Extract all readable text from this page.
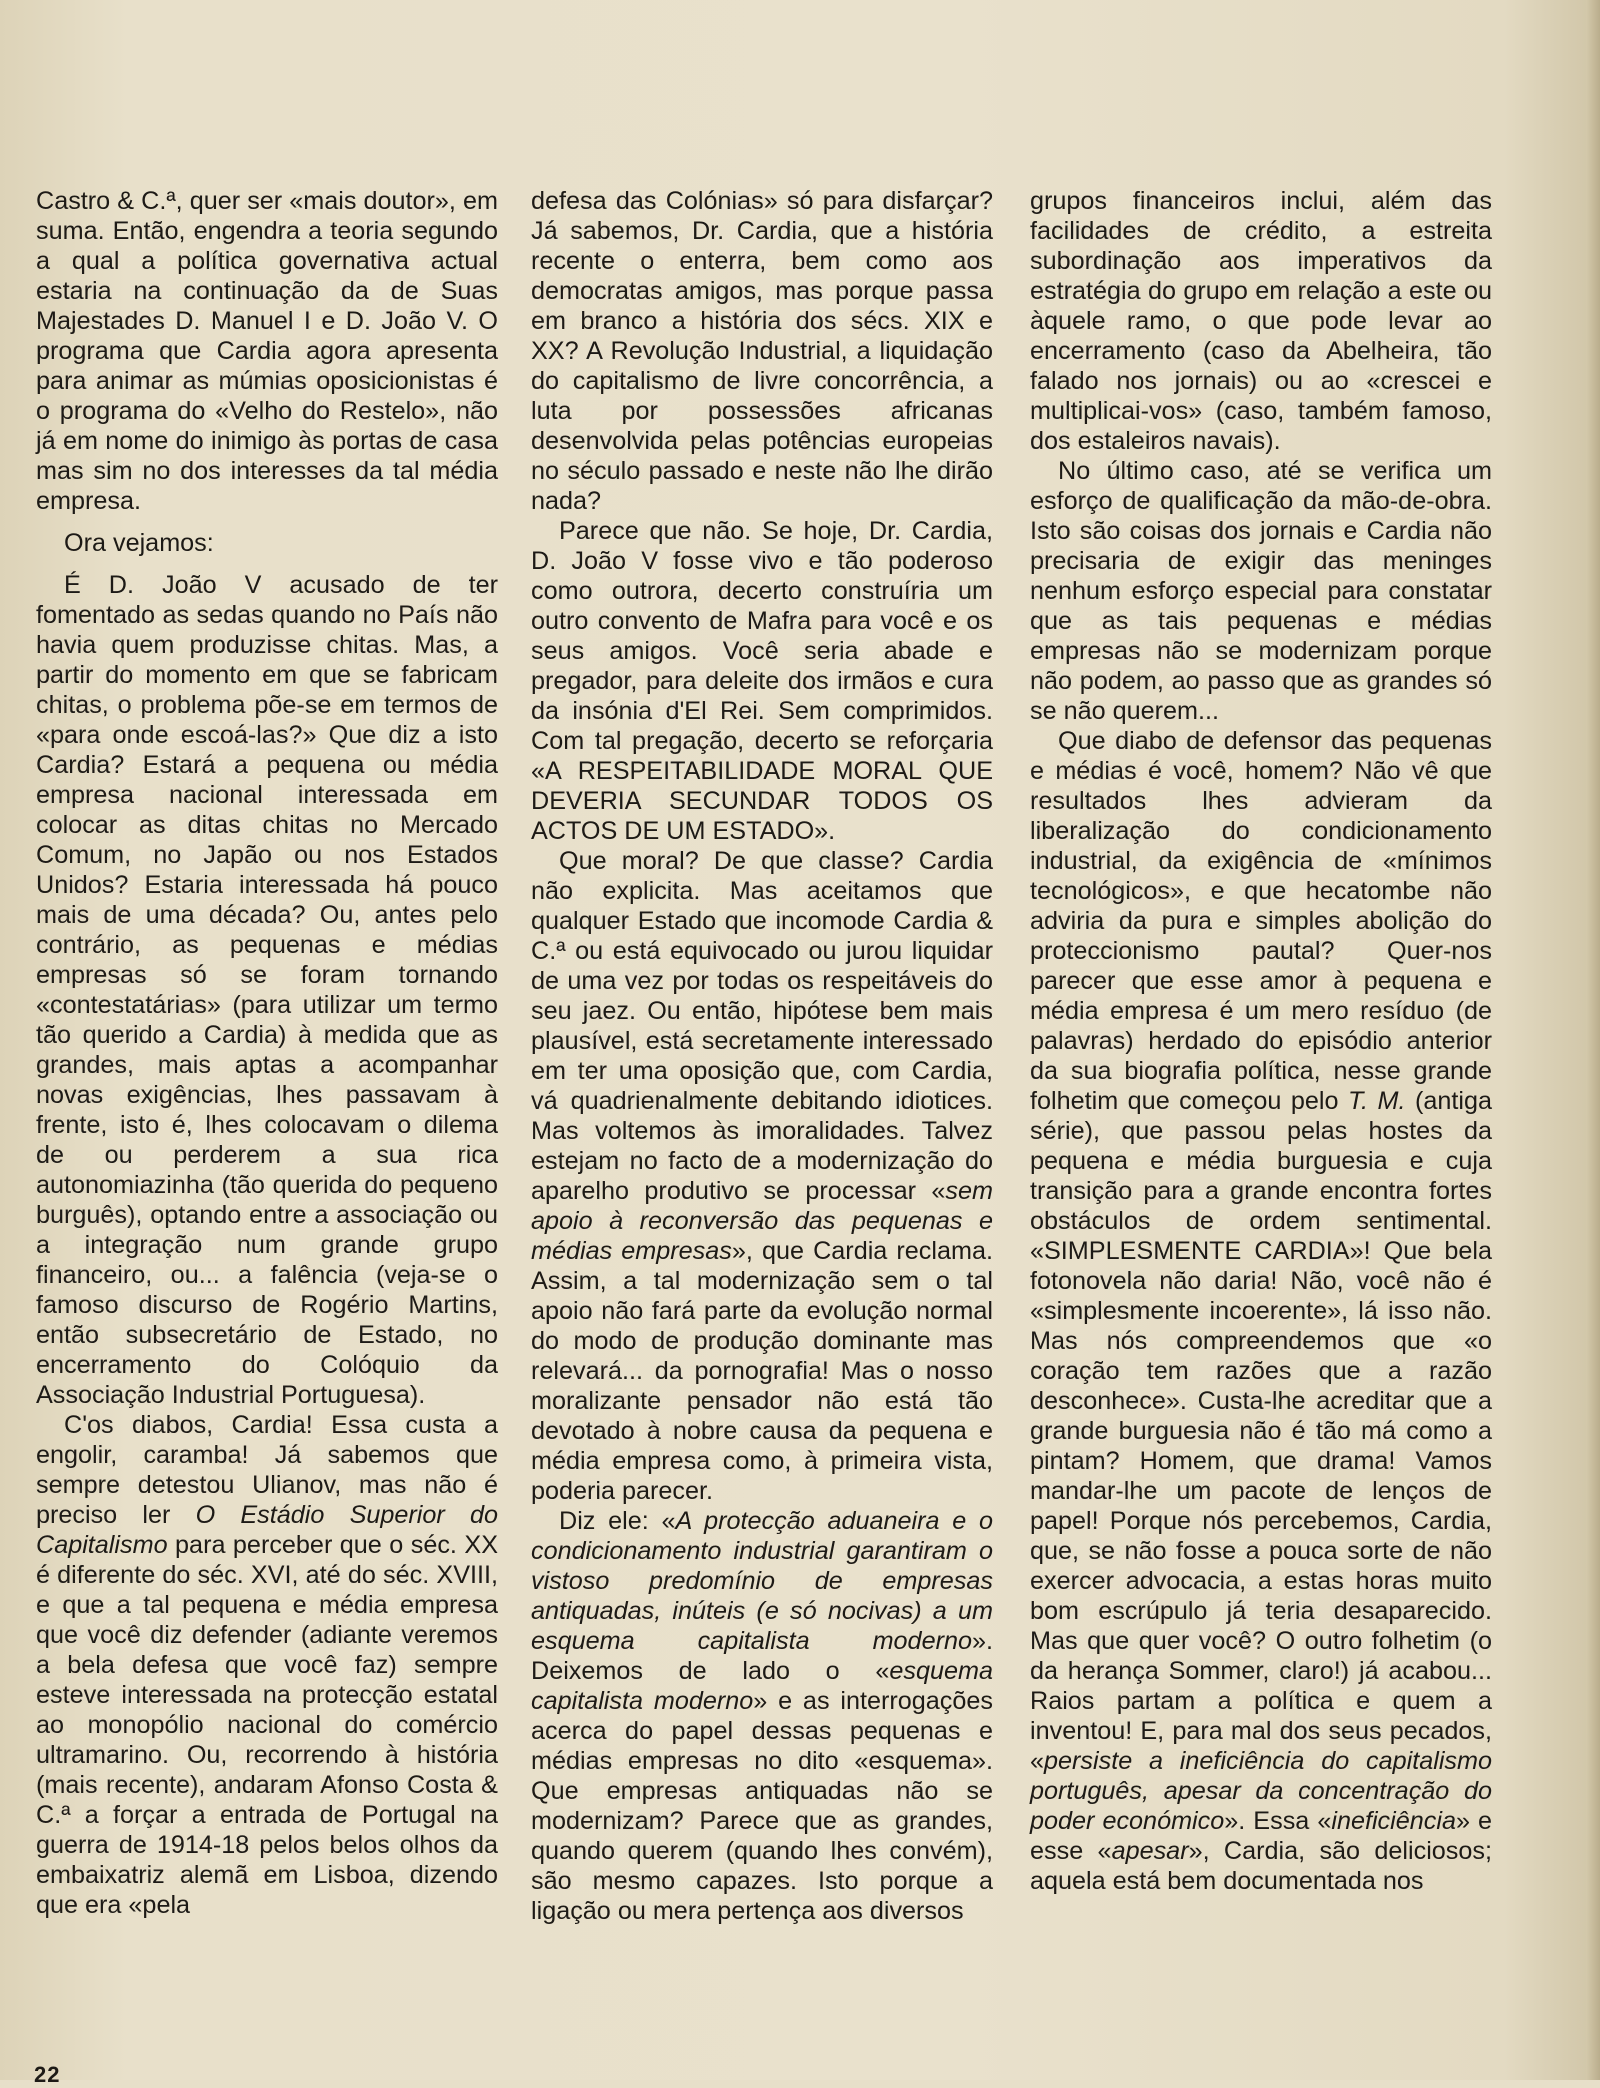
Castro & C.ª, quer ser «mais doutor», em suma. Então, engendra a teoria segundo a qual a política governativa actual estaria na continuação da de Suas Majestades D. Manuel I e D. João V. O programa que Cardia agora apresenta para animar as múmias oposicionistas é o programa do «Velho do Restelo», não já em nome do inimigo às portas de casa mas sim no dos interesses da tal média empresa.

Ora vejamos:

É D. João V acusado de ter fomentado as sedas quando no País não havia quem produzisse chitas. Mas, a partir do momento em que se fabricam chitas, o problema põe-se em termos de «para onde escoá-las?» Que diz a isto Cardia? Estará a pequena ou média empresa nacional interessada em colocar as ditas chitas no Mercado Comum, no Japão ou nos Estados Unidos? Estaria interessada há pouco mais de uma década? Ou, antes pelo contrário, as pequenas e médias empresas só se foram tornando «contestatárias» (para utilizar um termo tão querido a Cardia) à medida que as grandes, mais aptas a acompanhar novas exigências, lhes passavam à frente, isto é, lhes colocavam o dilema de ou perderem a sua rica autonomiazinha (tão querida do pequeno burguês), optando entre a associação ou a integração num grande grupo financeiro, ou... a falência (veja-se o famoso discurso de Rogério Martins, então subsecretário de Estado, no encerramento do Colóquio da Associação Industrial Portuguesa).

C'os diabos, Cardia! Essa custa a engolir, caramba! Já sabemos que sempre detestou Ulianov, mas não é preciso ler O Estádio Superior do Capitalismo para perceber que o séc. XX é diferente do séc. XVI, até do séc. XVIII, e que a tal pequena e média empresa que você diz defender (adiante veremos a bela defesa que você faz) sempre esteve interessada na protecção estatal ao monopólio nacional do comércio ultramarino. Ou, recorrendo à história (mais recente), andaram Afonso Costa & C.ª a forçar a entrada de Portugal na guerra de 1914-18 pelos belos olhos da embaixatriz alemã em Lisboa, dizendo que era «pela

defesa das Colónias» só para disfarçar? Já sabemos, Dr. Cardia, que a história recente o enterra, bem como aos democratas amigos, mas porque passa em branco a história dos sécs. XIX e XX? A Revolução Industrial, a liquidação do capitalismo de livre concorrência, a luta por possessões africanas desenvolvida pelas potências europeias no século passado e neste não lhe dirão nada?

Parece que não. Se hoje, Dr. Cardia, D. João V fosse vivo e tão poderoso como outrora, decerto construíria um outro convento de Mafra para você e os seus amigos. Você seria abade e pregador, para deleite dos irmãos e cura da insónia d'El Rei. Sem comprimidos. Com tal pregação, decerto se reforçaria «A RESPEITABILIDADE MORAL QUE DEVERIA SECUNDAR TODOS OS ACTOS DE UM ESTADO».

Que moral? De que classe? Cardia não explicita. Mas aceitamos que qualquer Estado que incomode Cardia & C.ª ou está equivocado ou jurou liquidar de uma vez por todas os respeitáveis do seu jaez. Ou então, hipótese bem mais plausível, está secretamente interessado em ter uma oposição que, com Cardia, vá quadrienalmente debitando idiotices. Mas voltemos às imoralidades. Talvez estejam no facto de a modernização do aparelho produtivo se processar «sem apoio à reconversão das pequenas e médias empresas», que Cardia reclama. Assim, a tal modernização sem o tal apoio não fará parte da evolução normal do modo de produção dominante mas relevará... da pornografia! Mas o nosso moralizante pensador não está tão devotado à nobre causa da pequena e média empresa como, à primeira vista, poderia parecer.

Diz ele: «A protecção aduaneira e o condicionamento industrial garantiram o vistoso predomínio de empresas antiquadas, inúteis (e só nocivas) a um esquema capitalista moderno». Deixemos de lado o «esquema capitalista moderno» e as interrogações acerca do papel dessas pequenas e médias empresas no dito «esquema». Que empresas antiquadas não se modernizam? Parece que as grandes, quando querem (quando lhes convém), são mesmo capazes. Isto porque a ligação ou mera pertença aos diversos

grupos financeiros inclui, além das facilidades de crédito, a estreita subordinação aos imperativos da estratégia do grupo em relação a este ou àquele ramo, o que pode levar ao encerramento (caso da Abelheira, tão falado nos jornais) ou ao «crescei e multiplicai-vos» (caso, também famoso, dos estaleiros navais).

No último caso, até se verifica um esforço de qualificação da mão-de-obra. Isto são coisas dos jornais e Cardia não precisaria de exigir das meninges nenhum esforço especial para constatar que as tais pequenas e médias empresas não se modernizam porque não podem, ao passo que as grandes só se não querem...

Que diabo de defensor das pequenas e médias é você, homem? Não vê que resultados lhes advieram da liberalização do condicionamento industrial, da exigência de «mínimos tecnológicos», e que hecatombe não adviria da pura e simples abolição do proteccionismo pautal? Quer-nos parecer que esse amor à pequena e média empresa é um mero resíduo (de palavras) herdado do episódio anterior da sua biografia política, nesse grande folhetim que começou pelo T. M. (antiga série), que passou pelas hostes da pequena e média burguesia e cuja transição para a grande encontra fortes obstáculos de ordem sentimental. «SIMPLESMENTE CARDIA»! Que bela fotonovela não daria! Não, você não é «simplesmente incoerente», lá isso não. Mas nós compreendemos que «o coração tem razões que a razão desconhece». Custa-lhe acreditar que a grande burguesia não é tão má como a pintam? Homem, que drama! Vamos mandar-lhe um pacote de lenços de papel! Porque nós percebemos, Cardia, que, se não fosse a pouca sorte de não exercer advocacia, a estas horas muito bom escrúpulo já teria desaparecido. Mas que quer você? O outro folhetim (o da herança Sommer, claro!) já acabou... Raios partam a política e quem a inventou! E, para mal dos seus pecados, «persiste a ineficiência do capitalismo português, apesar da concentração do poder económico». Essa «ineficiência» e esse «apesar», Cardia, são deliciosos; aquela está bem documentada nos

22
